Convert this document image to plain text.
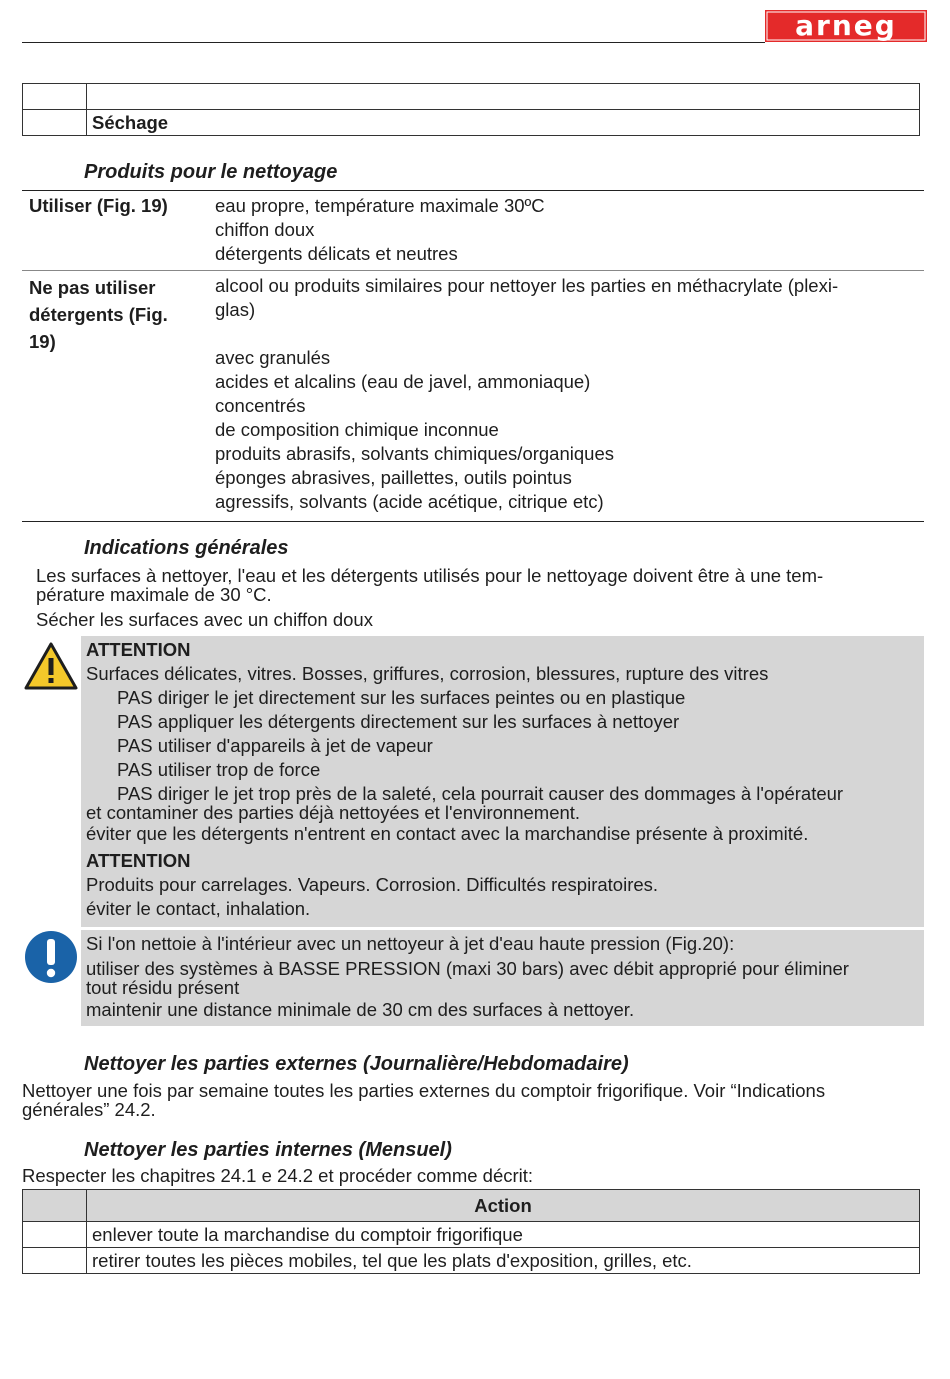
arneg
Séchage
Produits pour le nettoyage
Utiliser (Fig. 19)	eau propre, température maximale 30ºC
chiffon doux
détergents délicats et neutres
Ne pas utiliser
détergents (Fig.
19)
alcool ou produits similaires pour nettoyer les parties en méthacrylate (plexi-
glas)
avec granulés
acides et alcalins (eau de javel, ammoniaque)
concentrés
de composition chimique inconnue
produits abrasifs, solvants chimiques/organiques
éponges abrasives, paillettes, outils pointus
agressifs, solvants (acide acétique, citrique etc)
Indications générales
Les surfaces à nettoyer, l'eau et les détergents utilisés pour le nettoyage doivent être à une tem-
pérature maximale de 30 °C.
Sécher les surfaces avec un chiffon doux
ATTENTION
Surfaces délicates, vitres. Bosses, griffures, corrosion, blessures, rupture des vitres
PAS diriger le jet directement sur les surfaces peintes ou en plastique
PAS appliquer les détergents directement sur les surfaces à nettoyer
PAS utiliser d'appareils à jet de vapeur
PAS utiliser trop de force
PAS diriger le jet trop près de la saleté, cela pourrait causer des dommages à l'opérateur
et contaminer des parties déjà nettoyées et l'environnement.
éviter que les détergents n'entrent en contact avec la marchandise présente à proximité.
ATTENTION
Produits pour carrelages. Vapeurs. Corrosion. Difficultés respiratoires.
éviter le contact, inhalation.
Si l'on nettoie à l'intérieur avec un nettoyeur à jet d'eau haute pression (Fig.20):
utiliser des systèmes à BASSE PRESSION (maxi 30 bars) avec débit approprié pour éliminer
tout résidu présent
maintenir une distance minimale de 30 cm des surfaces à nettoyer.
Nettoyer les parties externes (Journalière/Hebdomadaire)
Nettoyer une fois par semaine toutes les parties externes du comptoir frigorifique. Voir “Indications
générales” 24.2.
Nettoyer les parties internes (Mensuel)
Respecter les chapitres 24.1 e 24.2 et procéder comme décrit:
Action
enlever toute la marchandise du comptoir frigorifique
retirer toutes les pièces mobiles, tel que les plats d'exposition, grilles, etc.
